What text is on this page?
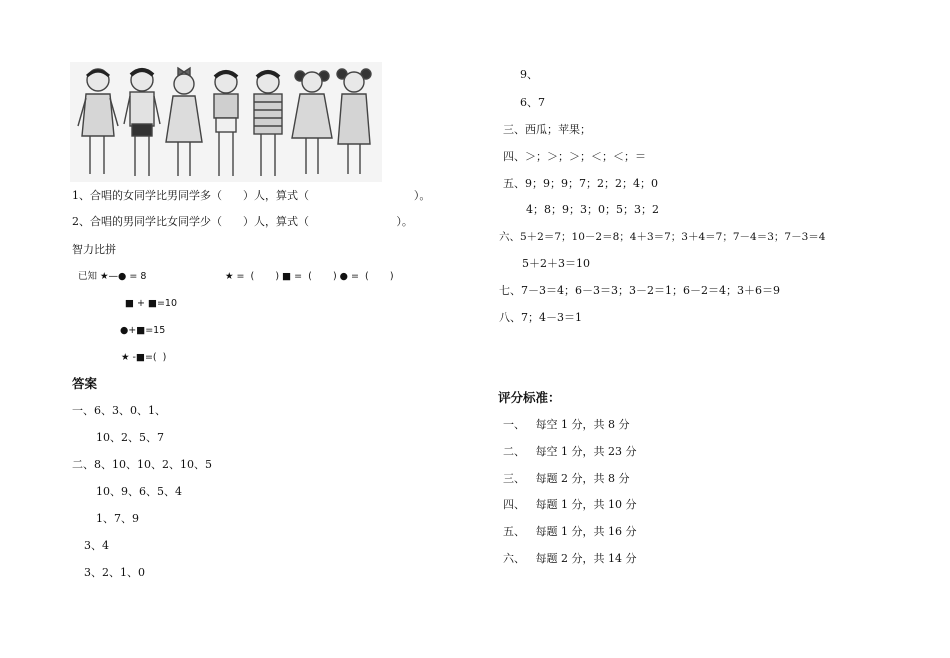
1、合唱的女同学比男同学多（      ）人，算式（                              ）。
2、合唱的男同学比女同学少（      ）人，算式（                         ）。
智力比拼
已知 ★—● = 8	★ =  (       ) ■ =  (       ) ● =  (       )
■ + ■=10
●+■=15
★ -■=(  )
答案
一、6、3、0、1、
10、2、5、7
二、8、10、10、2、10、5
10、9、6、5、4
1、7、9
3、4
3、2、1、0
9、
6、7
三、西瓜；苹果；
四、＞；＞；＞；＜；＜；＝
五、9；9；9；7；2；2；4；0
4；8；9；3；0；5；3；2
六、5＋2＝7；10－2＝8；4＋3＝7；3＋4＝7；7－4＝3；7－3＝4
5＋2＋3＝10
七、7－3＝4；6－3＝3；3－2＝1；6－2＝4；3＋6＝9
八、7；4－3＝1
评分标准：
一、   每空 1 分，共 8 分
二、   每空 1 分，共 23 分
三、   每题 2 分，共 8 分
四、   每题 1 分，共 10 分
五、   每题 1 分，共 16 分
六、   每题 2 分，共 14 分
